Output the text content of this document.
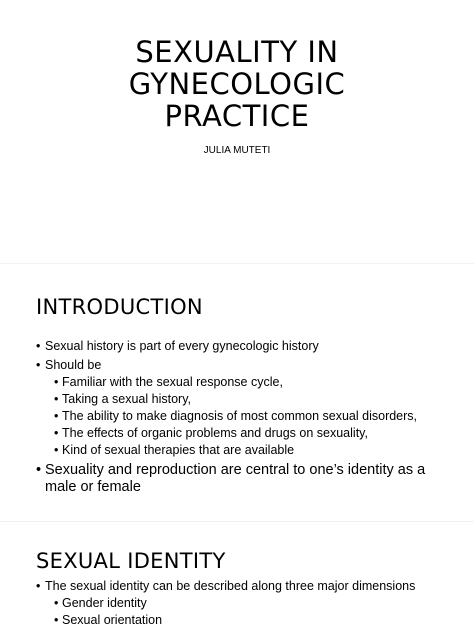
SEXUALITY IN
GYNECOLOGIC
PRACTICE
JULIA MUTETI
INTRODUCTION
• Sexual history is part of every gynecologic history
• Should be
• Familiar with the sexual response cycle,
• Taking a sexual history,
• The ability to make diagnosis of most common sexual disorders,
• The effects of organic problems and drugs on sexuality,
• Kind of sexual therapies that are available
• Sexuality and reproduction are central to one’s identity as a male or female
SEXUAL IDENTITY
• The sexual identity can be described along three major dimensions
• Gender identity
• Sexual orientation
